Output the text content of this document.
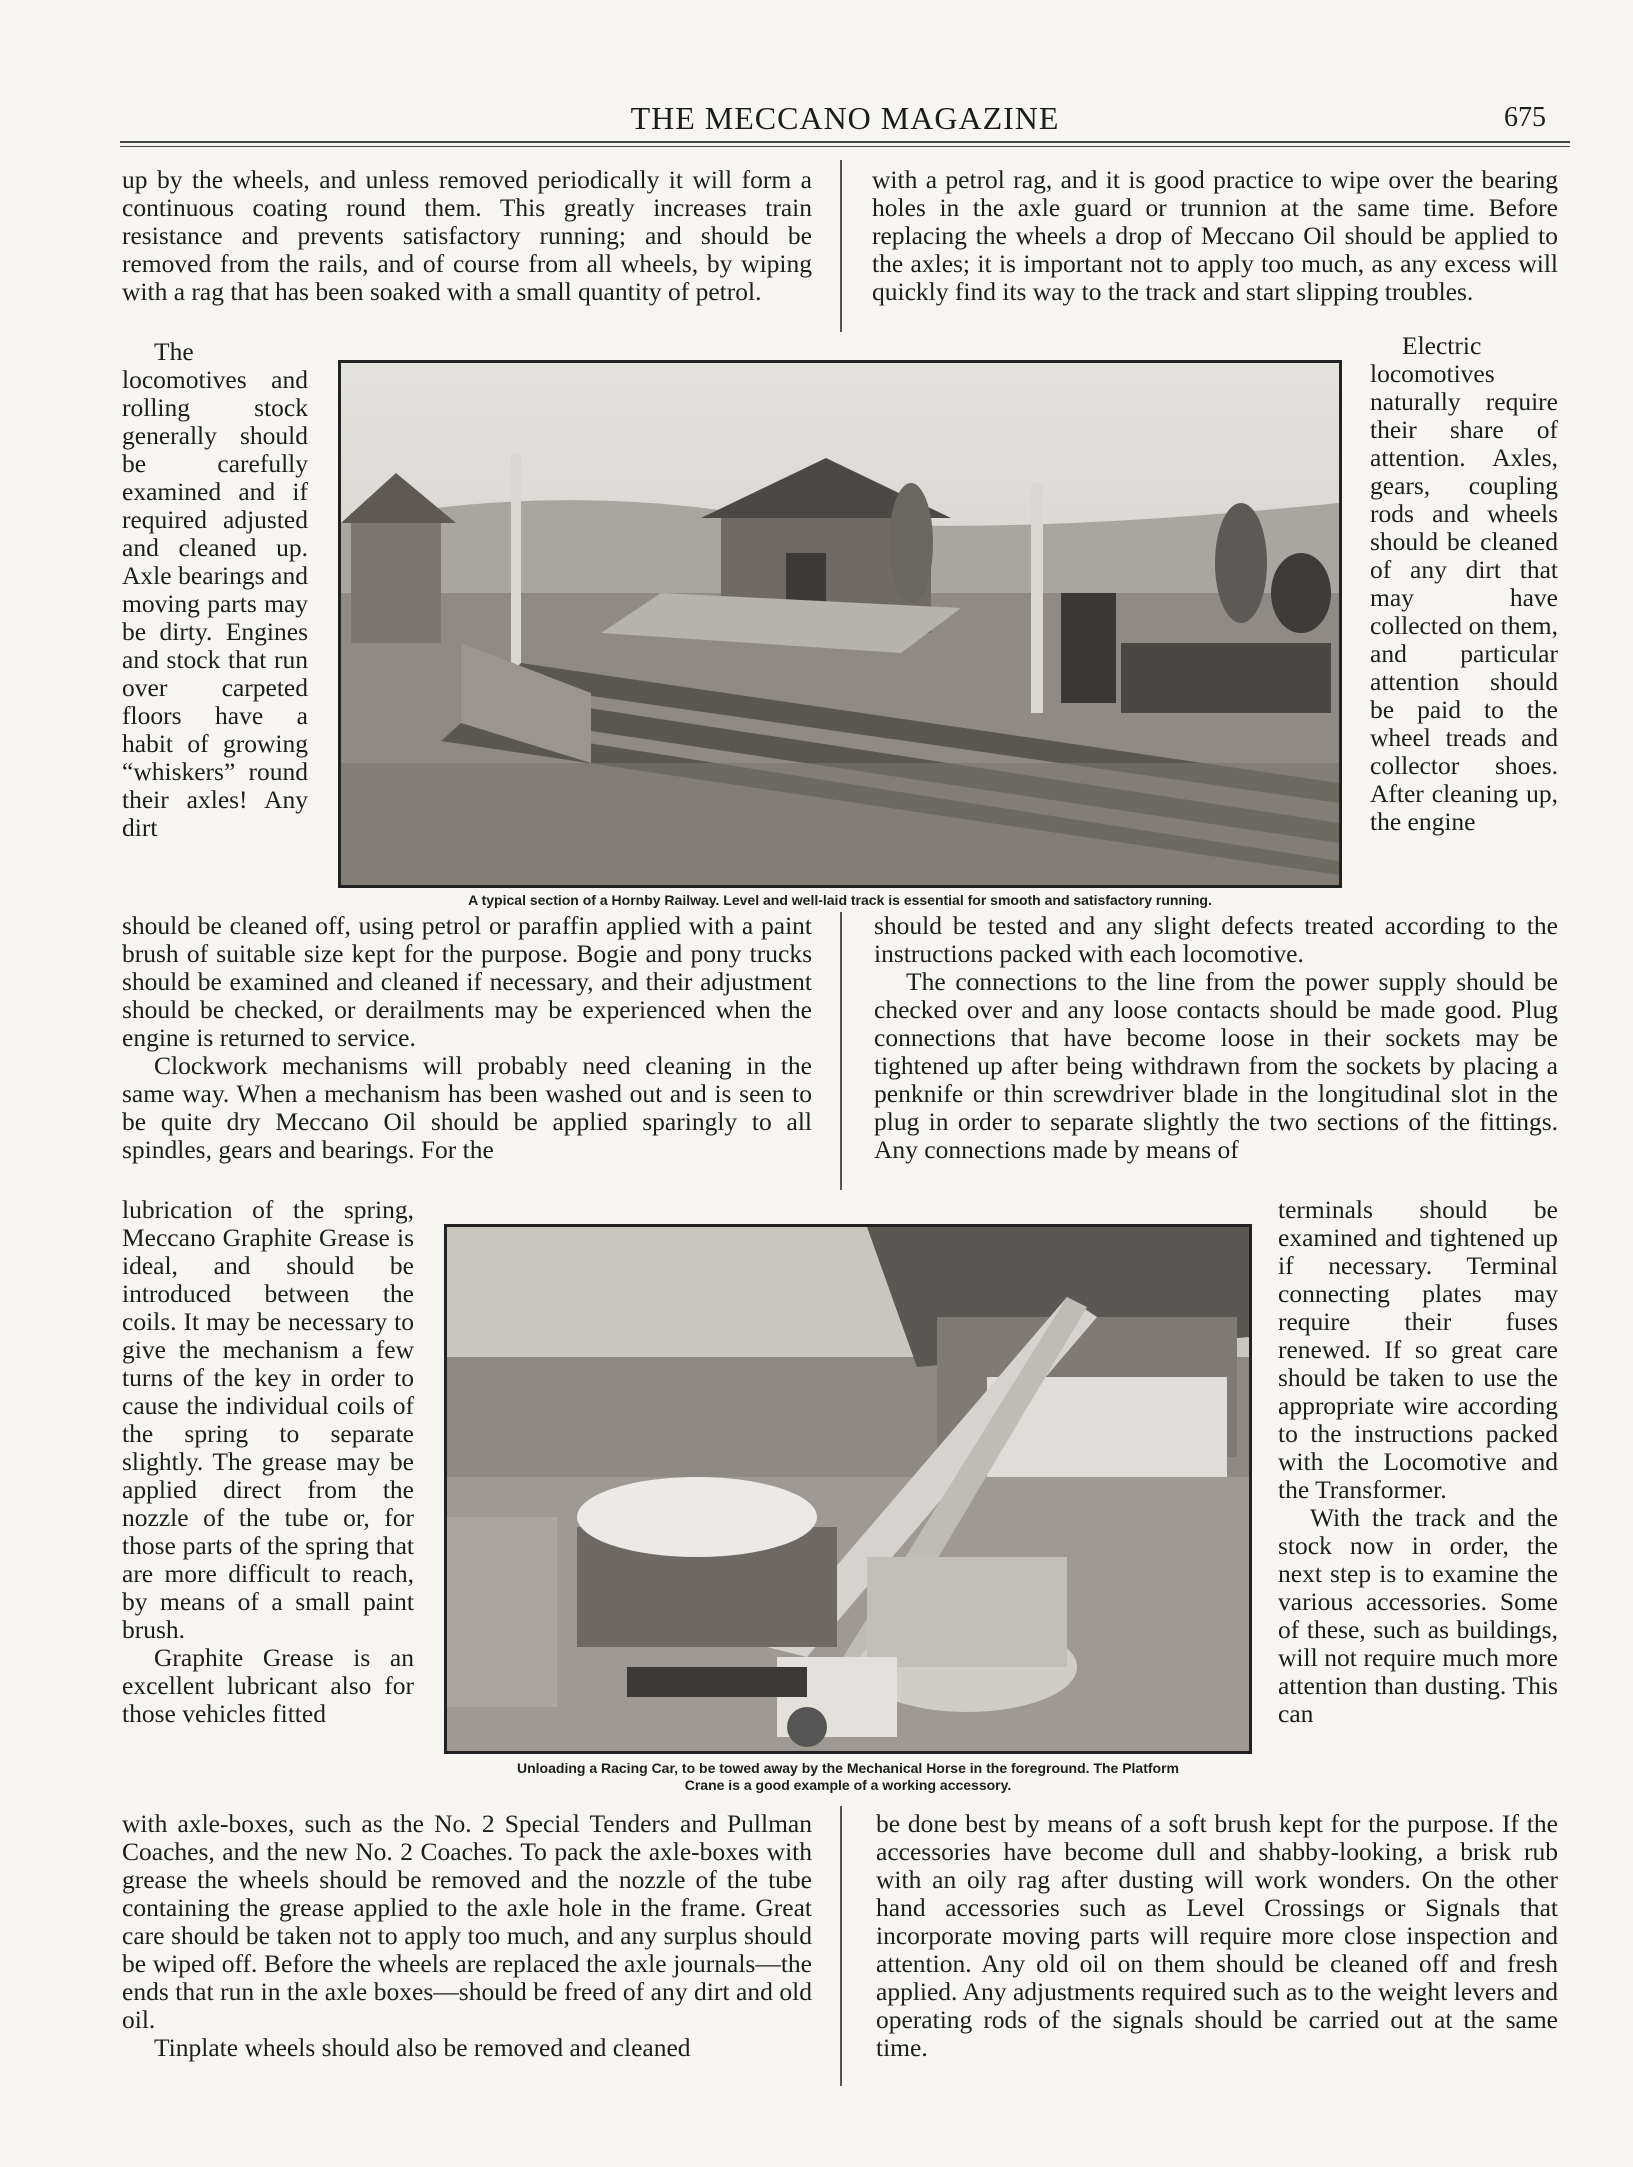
THE MECCANO MAGAZINE	675

up by the wheels, and unless removed periodically it will form a continuous coating round them. This greatly increases train resistance and prevents satisfactory running; and should be removed from the rails, and of course from all wheels, by wiping with a rag that has been soaked with a small quantity of petrol.

with a petrol rag, and it is good practice to wipe over the bearing holes in the axle guard or trunnion at the same time. Before replacing the wheels a drop of Meccano Oil should be applied to the axles; it is important not to apply too much, as any excess will quickly find its way to the track and start slipping troubles.

The locomotives and rolling stock generally should be carefully examined and if required adjusted and cleaned up. Axle bearings and moving parts may be dirty. Engines and stock that run over carpeted floors have a habit of growing “whiskers” round their axles! Any dirt

Electric locomotives naturally require their share of attention. Axles, gears, coupling rods and wheels should be cleaned of any dirt that may have collected on them, and particular attention should be paid to the wheel treads and collector shoes. After cleaning up, the engine

A typical section of a Hornby Railway. Level and well-laid track is essential for smooth and satisfactory running.

should be cleaned off, using petrol or paraffin applied with a paint brush of suitable size kept for the purpose. Bogie and pony trucks should be examined and cleaned if necessary, and their adjustment should be checked, or derailments may be experienced when the engine is returned to service.

Clockwork mechanisms will probably need cleaning in the same way. When a mechanism has been washed out and is seen to be quite dry Meccano Oil should be applied sparingly to all spindles, gears and bearings. For the

should be tested and any slight defects treated according to the instructions packed with each locomotive.

The connections to the line from the power supply should be checked over and any loose contacts should be made good. Plug connections that have become loose in their sockets may be tightened up after being withdrawn from the sockets by placing a penknife or thin screwdriver blade in the longitudinal slot in the plug in order to separate slightly the two sections of the fittings. Any connections made by means of

lubrication of the spring, Meccano Graphite Grease is ideal, and should be introduced between the coils. It may be necessary to give the mechanism a few turns of the key in order to cause the individual coils of the spring to separate slightly. The grease may be applied direct from the nozzle of the tube or, for those parts of the spring that are more difficult to reach, by means of a small paint brush.

Graphite Grease is an excellent lubricant also for those vehicles fitted

terminals should be examined and tightened up if necessary. Terminal connecting plates may require their fuses renewed. If so great care should be taken to use the appropriate wire according to the instructions packed with the Locomotive and the Transformer.

With the track and the stock now in order, the next step is to examine the various accessories. Some of these, such as buildings, will not require much more attention than dusting. This can

Unloading a Racing Car, to be towed away by the Mechanical Horse in the foreground. The Platform
Crane is a good example of a working accessory.

with axle-boxes, such as the No. 2 Special Tenders and Pullman Coaches, and the new No. 2 Coaches. To pack the axle-boxes with grease the wheels should be removed and the nozzle of the tube containing the grease applied to the axle hole in the frame. Great care should be taken not to apply too much, and any surplus should be wiped off. Before the wheels are replaced the axle journals—the ends that run in the axle boxes—should be freed of any dirt and old oil.

Tinplate wheels should also be removed and cleaned

be done best by means of a soft brush kept for the purpose. If the accessories have become dull and shabby-looking, a brisk rub with an oily rag after dusting will work wonders. On the other hand accessories such as Level Crossings or Signals that incorporate moving parts will require more close inspection and attention. Any old oil on them should be cleaned off and fresh applied. Any adjustments required such as to the weight levers and operating rods of the signals should be carried out at the same time.
